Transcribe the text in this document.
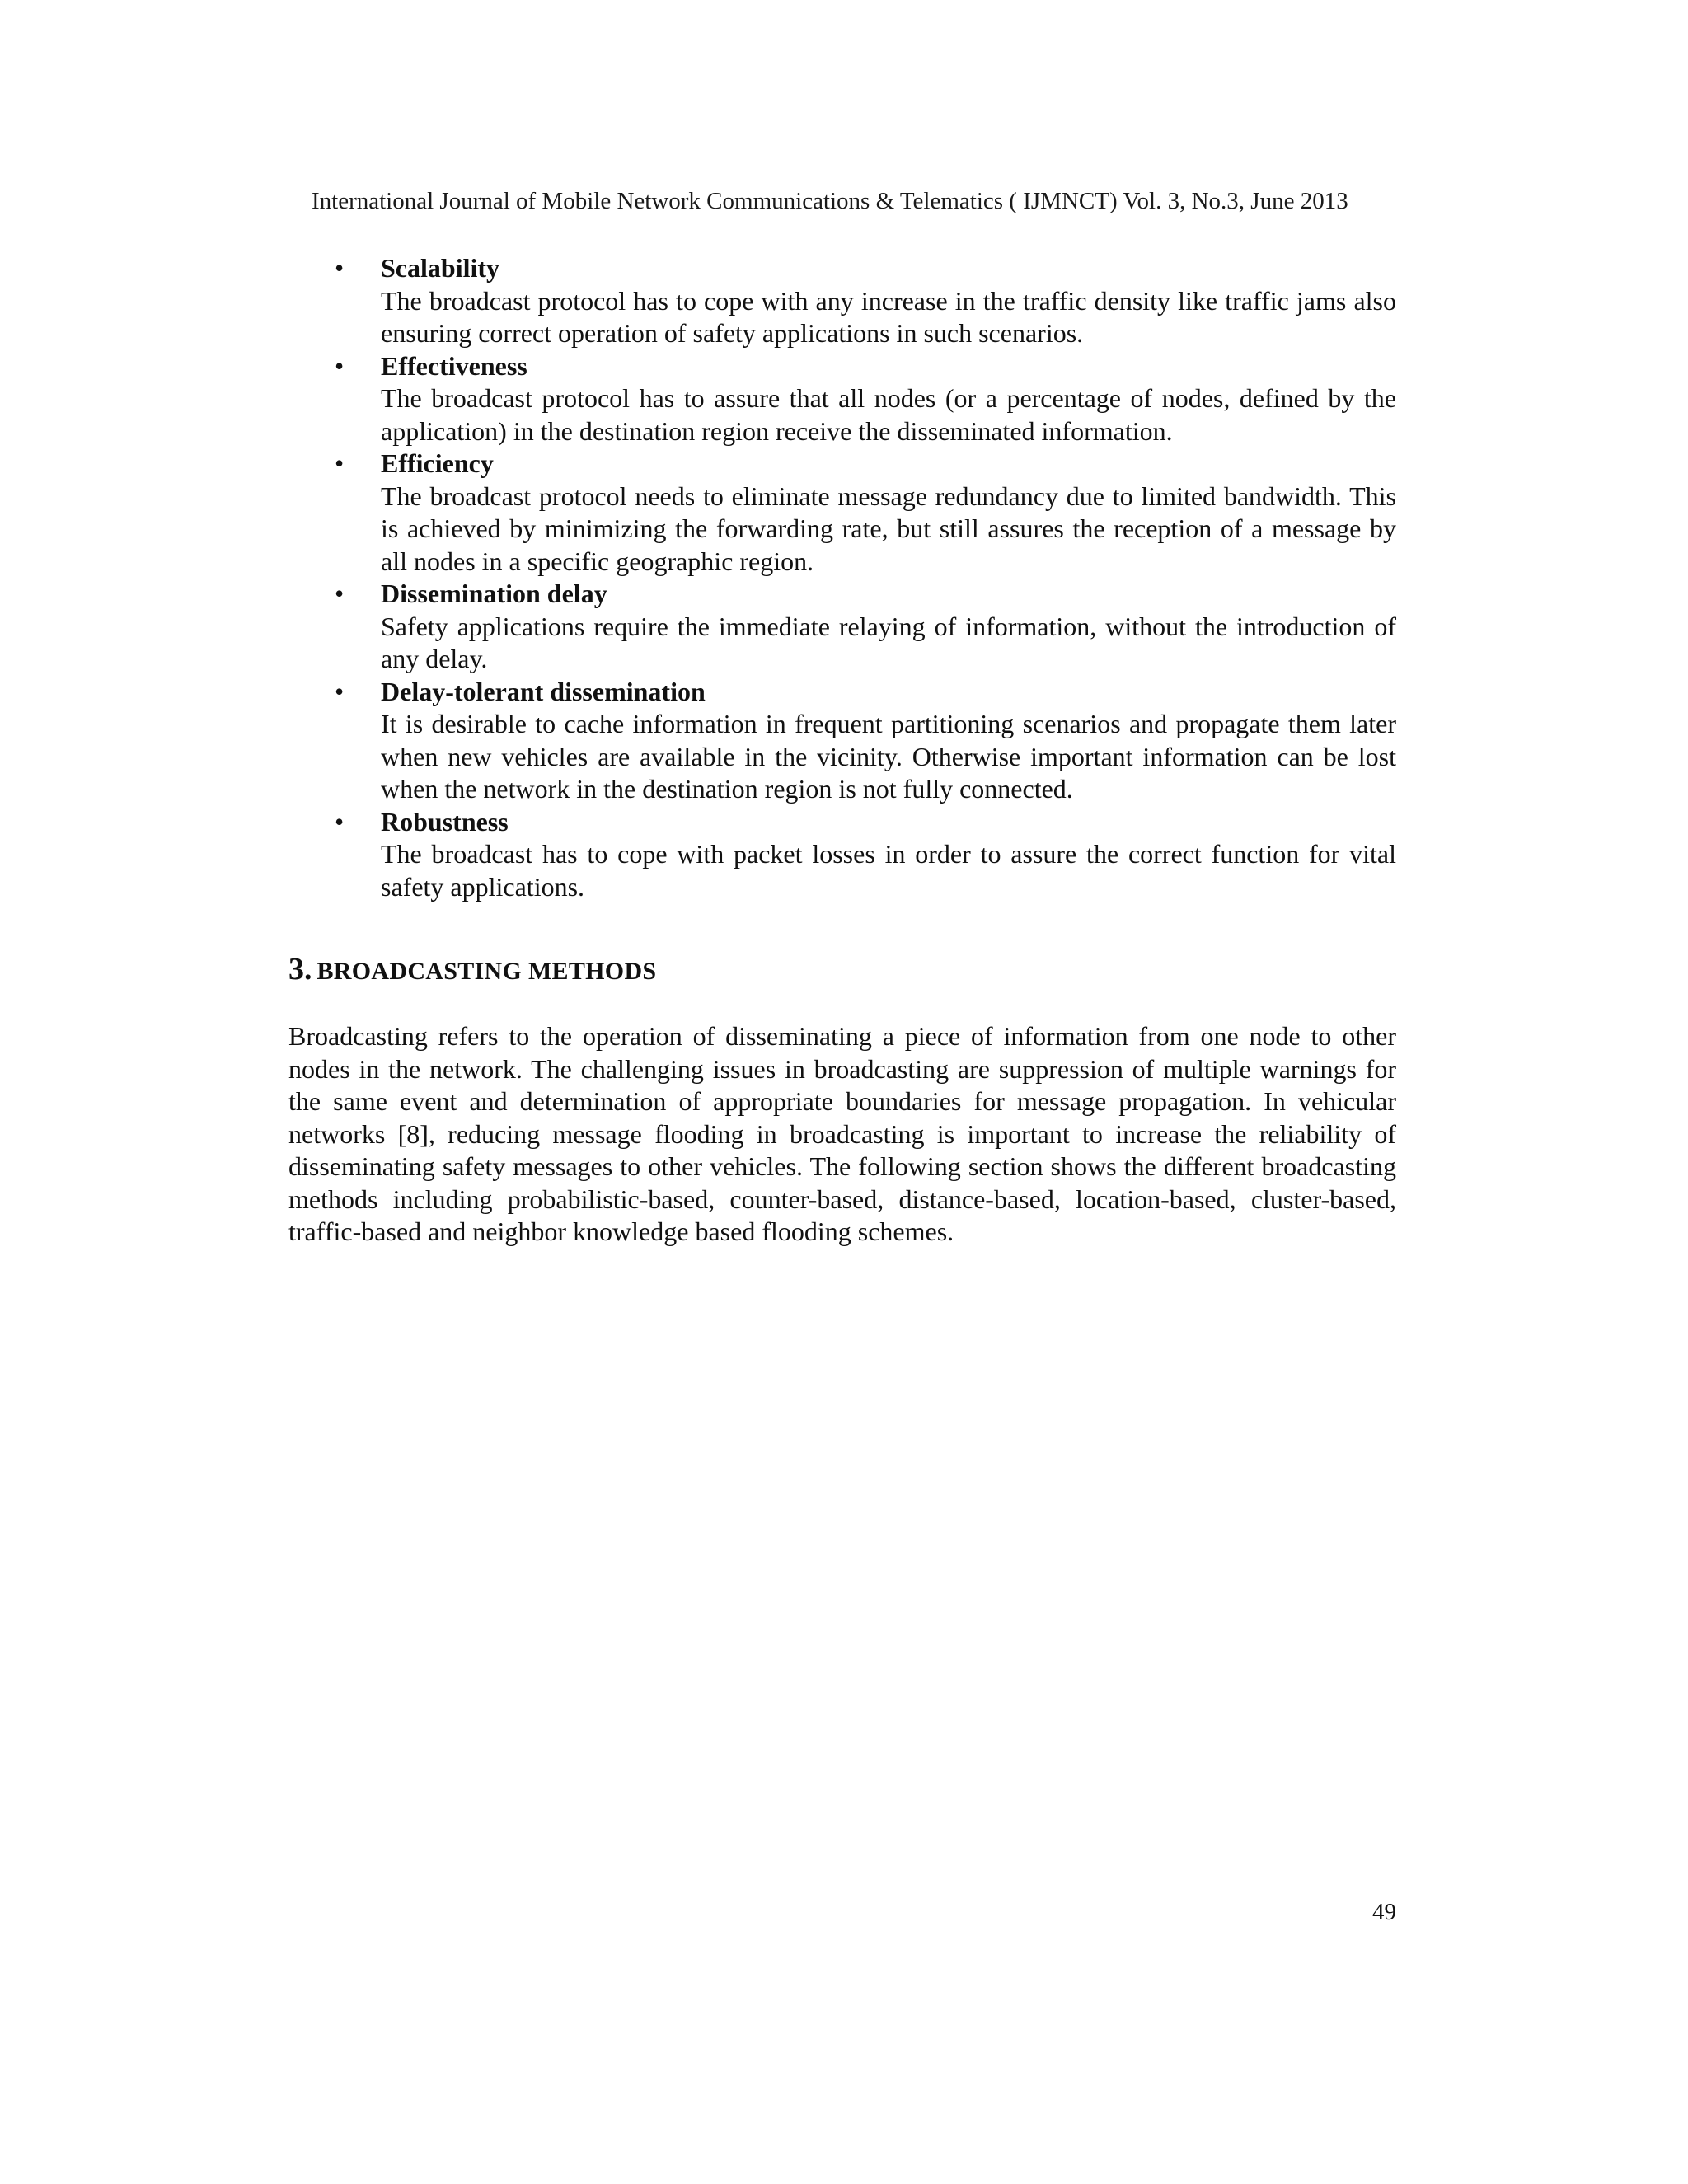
International Journal of Mobile Network Communications & Telematics ( IJMNCT) Vol. 3, No.3, June 2013
• Scalability
The broadcast protocol has to cope with any increase in the traffic density like traffic jams also ensuring correct operation of safety applications in such scenarios.
• Effectiveness
The broadcast protocol has to assure that all nodes (or a percentage of nodes, defined by the application) in the destination region receive the disseminated information.
• Efficiency
The broadcast protocol needs to eliminate message redundancy due to limited bandwidth. This is achieved by minimizing the forwarding rate, but still assures the reception of a message by all nodes in a specific geographic region.
• Dissemination delay
Safety applications require the immediate relaying of information, without the introduction of any delay.
• Delay-tolerant dissemination
It is desirable to cache information in frequent partitioning scenarios and propagate them later when new vehicles are available in the vicinity. Otherwise important information can be lost when the network in the destination region is not fully connected.
• Robustness
The broadcast has to cope with packet losses in order to assure the correct function for vital safety applications.
3. BROADCASTING METHODS

Broadcasting refers to the operation of disseminating a piece of information from one node to other nodes in the network. The challenging issues in broadcasting are suppression of multiple warnings for the same event and determination of appropriate boundaries for message propagation. In vehicular networks [8], reducing message flooding in broadcasting is important to increase the reliability of disseminating safety messages to other vehicles. The following section shows the different broadcasting methods including probabilistic-based, counter-based, distance-based, location-based, cluster-based, traffic-based and neighbor knowledge based flooding schemes.

49
